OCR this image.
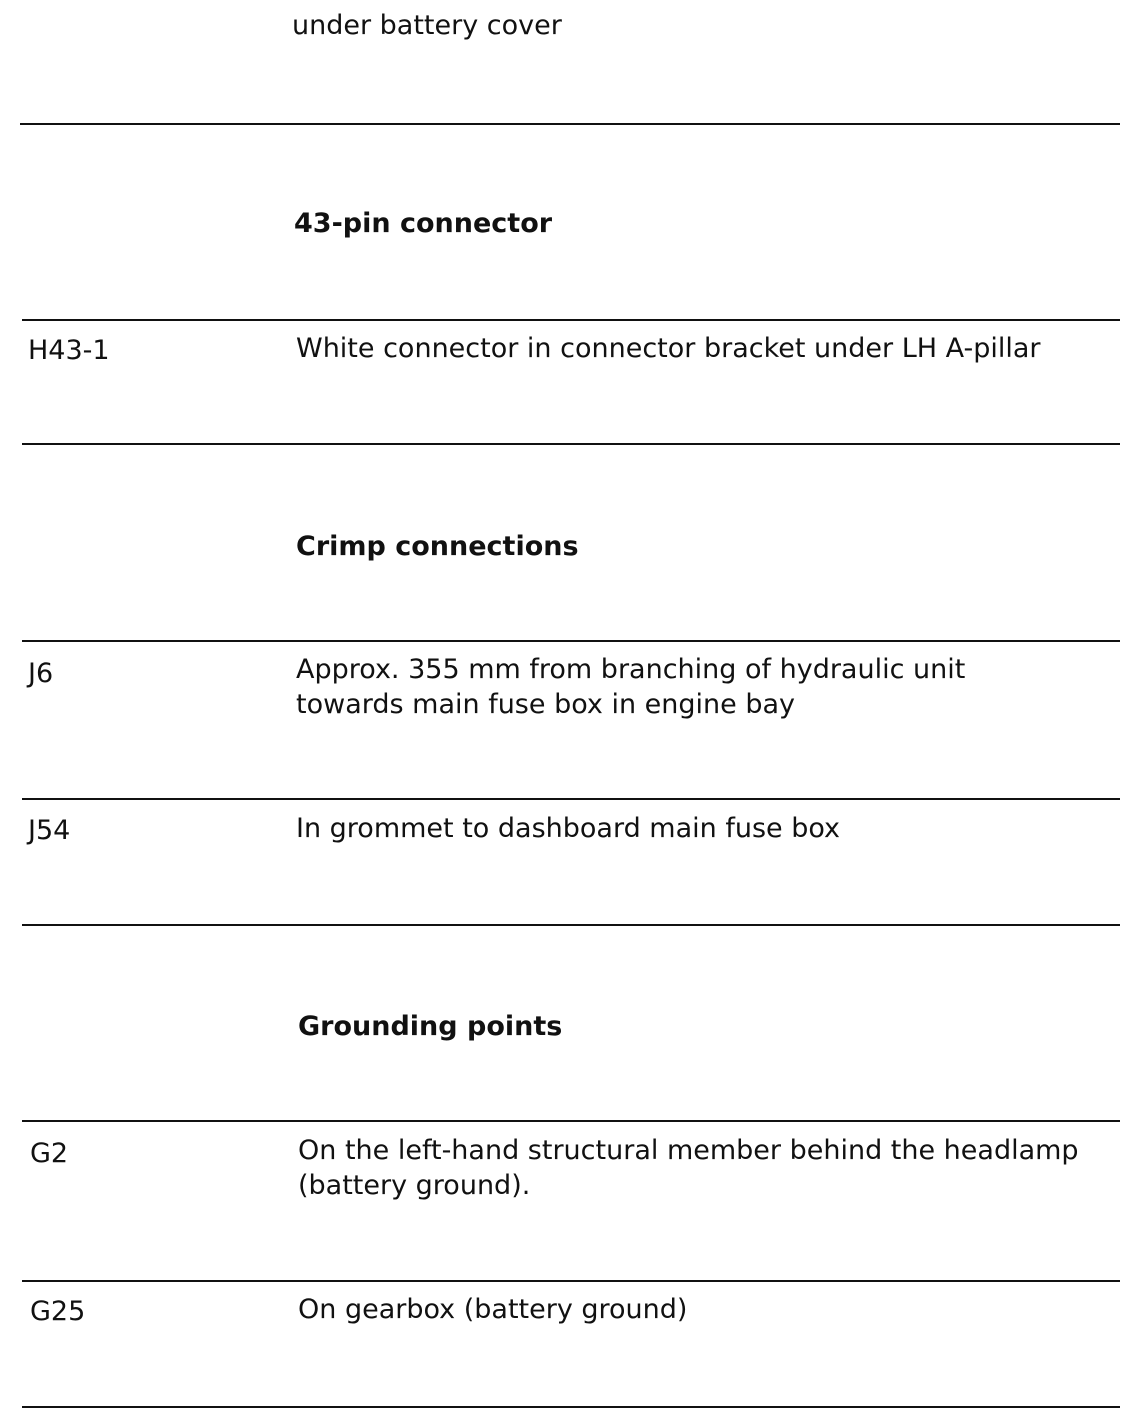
under battery cover
43-pin connector
H43-1	White connector in connector bracket under LH A-pillar
Crimp connections
J6	Approx. 355 mm from branching of hydraulic unit
towards main fuse box in engine bay
J54	In grommet to dashboard main fuse box
Grounding points
G2	On the left-hand structural member behind the headlamp
(battery ground).
G25	On gearbox (battery ground)
